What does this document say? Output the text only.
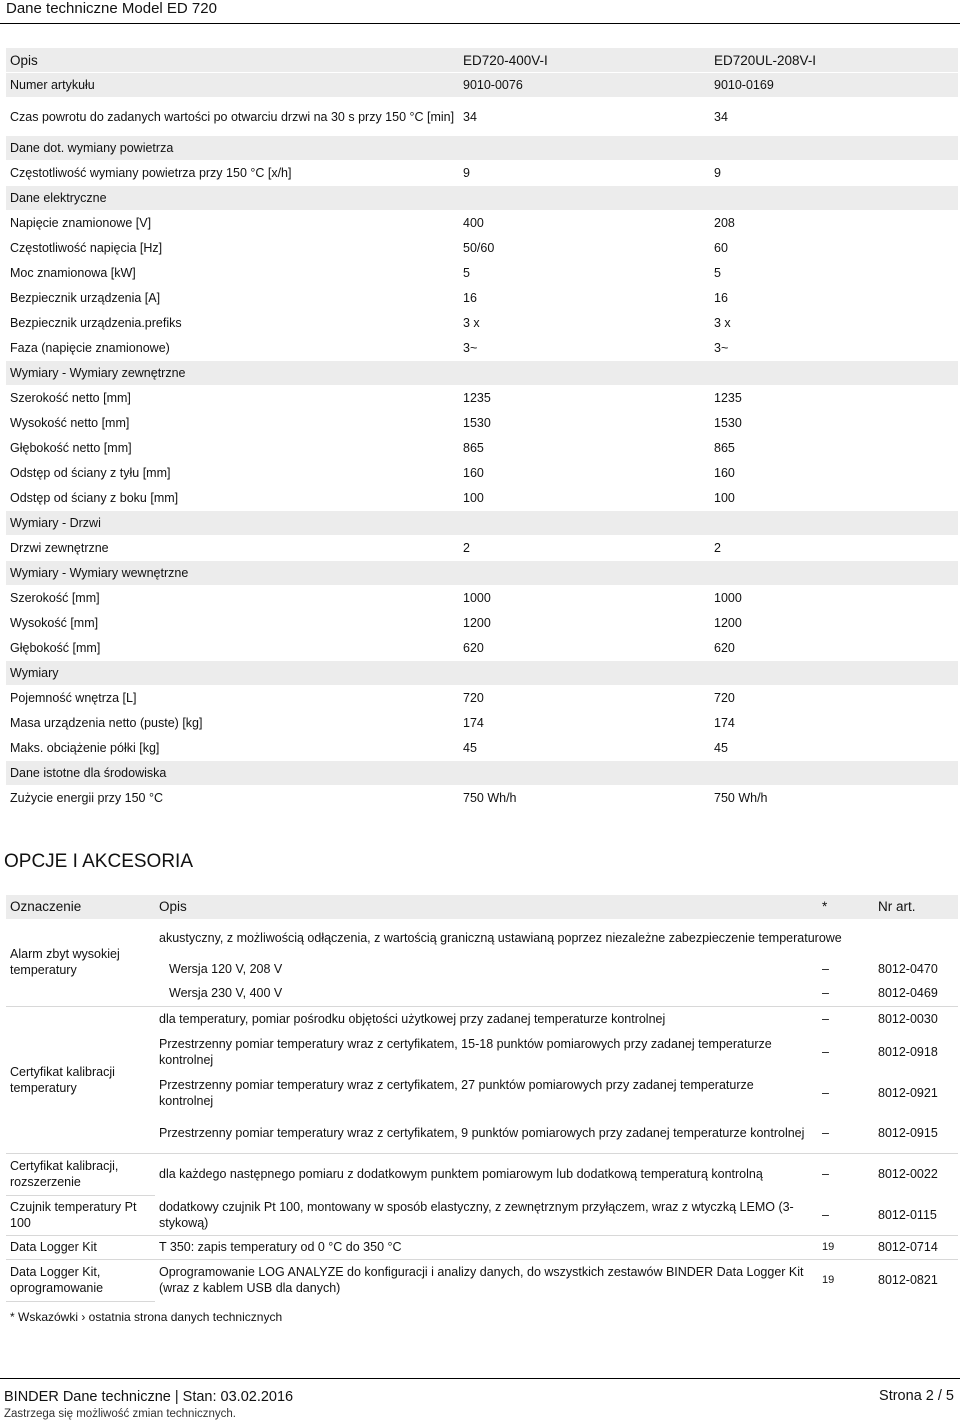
Dane techniczne Model ED 720
Opis	ED720-400V-I	ED720UL-208V-I
Numer artykułu	9010-0076	9010-0169
Czas powrotu do zadanych wartości po otwarciu drzwi na 30 s przy 150 °C [min]	34	34
Dane dot. wymiany powietrza		
Częstotliwość wymiany powietrza przy 150 °C [x/h]	9	9
Dane elektryczne		
Napięcie znamionowe [V]	400	208
Częstotliwość napięcia [Hz]	50/60	60
Moc znamionowa [kW]	5	5
Bezpiecznik urządzenia [A]	16	16
Bezpiecznik urządzenia.prefiks	3 x	3 x
Faza (napięcie znamionowe)	3~	3~
Wymiary - Wymiary zewnętrzne		
Szerokość netto [mm]	1235	1235
Wysokość netto [mm]	1530	1530
Głębokość netto [mm]	865	865
Odstęp od ściany z tyłu [mm]	160	160
Odstęp od ściany z boku [mm]	100	100
Wymiary - Drzwi		
Drzwi zewnętrzne	2	2
Wymiary - Wymiary wewnętrzne		
Szerokość [mm]	1000	1000
Wysokość [mm]	1200	1200
Głębokość [mm]	620	620
Wymiary		
Pojemność wnętrza [L]	720	720
Masa urządzenia netto (puste) [kg]	174	174
Maks. obciążenie półki [kg]	45	45
Dane istotne dla środowiska		
Zużycie energii przy 150 °C	750 Wh/h	750 Wh/h
OPCJE I AKCESORIA
Oznaczenie	Opis	*	Nr art.
Alarm zbyt wysokiej temperatury	akustyczny, z możliwością odłączenia, z wartością graniczną ustawianą poprzez niezależne zabezpieczenie temperaturowe		
	Wersja 120 V, 208 V	–	8012-0470
	Wersja 230 V, 400 V	–	8012-0469
Certyfikat kalibracji temperatury	dla temperatury, pomiar pośrodku objętości użytkowej przy zadanej temperaturze kontrolnej	–	8012-0030
	Przestrzenny pomiar temperatury wraz z certyfikatem, 15-18 punktów pomiarowych przy zadanej temperaturze kontrolnej	–	8012-0918
	Przestrzenny pomiar temperatury wraz z certyfikatem, 27 punktów pomiarowych przy zadanej temperaturze kontrolnej	–	8012-0921
	Przestrzenny pomiar temperatury wraz z certyfikatem, 9 punktów pomiarowych przy zadanej temperaturze kontrolnej	–	8012-0915
Certyfikat kalibracji, rozszerzenie	dla każdego następnego pomiaru z dodatkowym punktem pomiarowym lub dodatkową temperaturą kontrolną	–	8012-0022
Czujnik temperatury Pt 100	dodatkowy czujnik Pt 100, montowany w sposób elastyczny, z zewnętrznym przyłączem, wraz z wtyczką LEMO (3-stykową)	–	8012-0115
Data Logger Kit	T 350: zapis temperatury od 0 °C do 350 °C	19	8012-0714
Data Logger Kit, oprogramowanie	Oprogramowanie LOG ANALYZE do konfiguracji i analizy danych, do wszystkich zestawów BINDER Data Logger Kit (wraz z kablem USB dla danych)	19	8012-0821
* Wskazówki › ostatnia strona danych technicznych
BINDER Dane techniczne | Stan: 03.02.2016	Strona 2 / 5
Zastrzega się możliwość zmian technicznych.
